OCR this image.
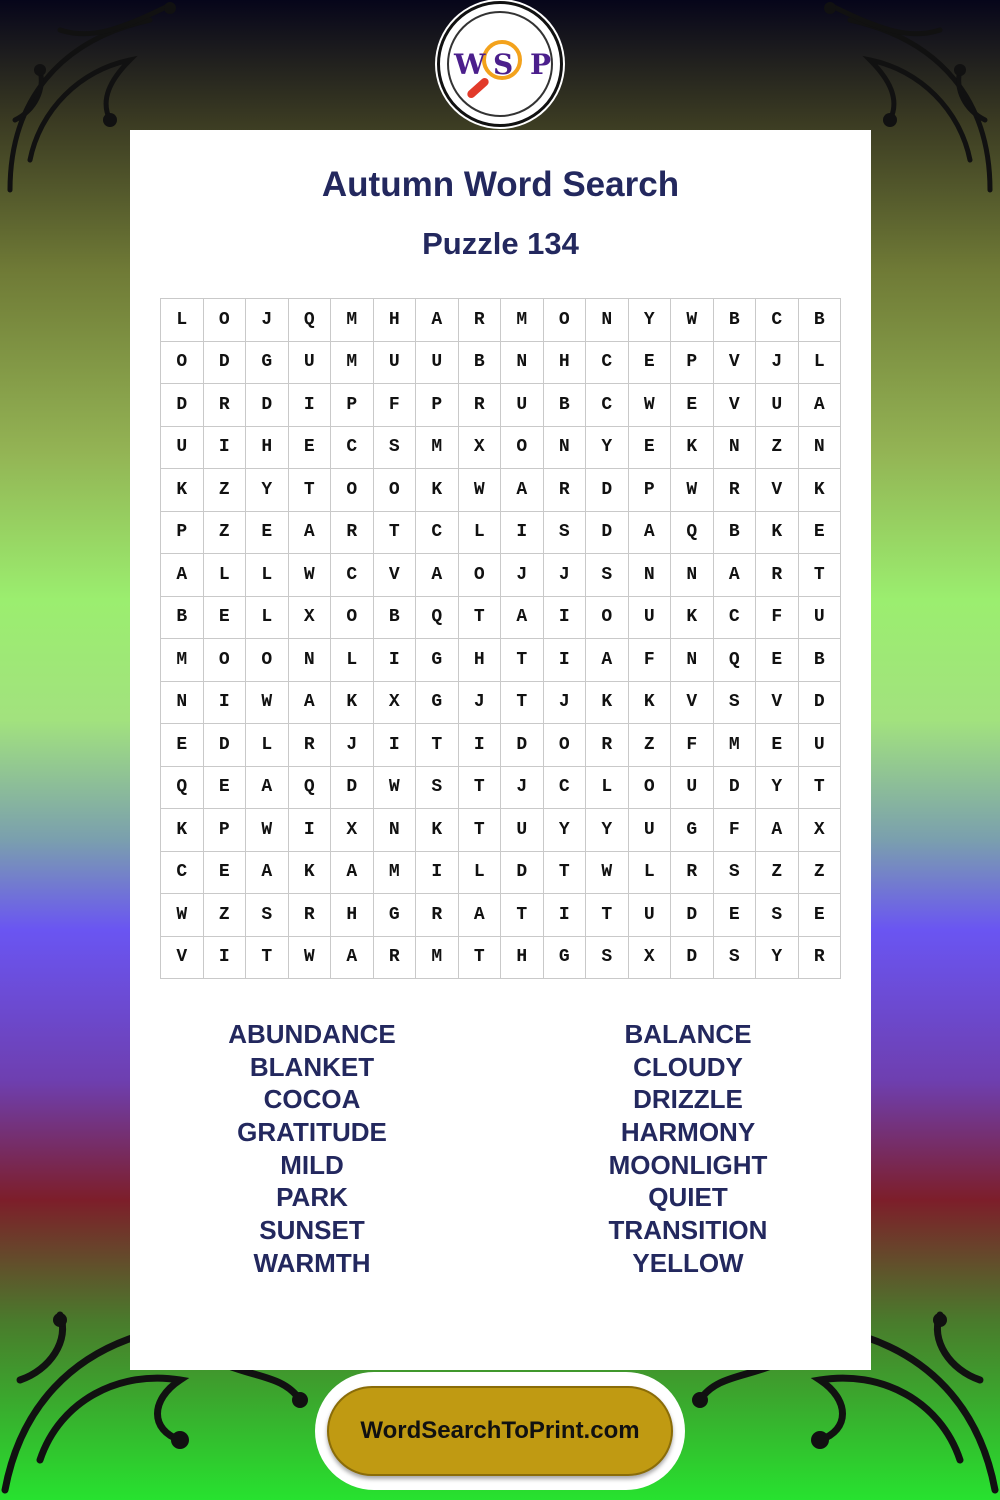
W S P
Autumn Word Search
Puzzle 134
L	O	J	Q	M	H	A	R	M	O	N	Y	W	B	C	B
O	D	G	U	M	U	U	B	N	H	C	E	P	V	J	L
D	R	D	I	P	F	P	R	U	B	C	W	E	V	U	A
U	I	H	E	C	S	M	X	O	N	Y	E	K	N	Z	N
K	Z	Y	T	O	O	K	W	A	R	D	P	W	R	V	K
P	Z	E	A	R	T	C	L	I	S	D	A	Q	B	K	E
A	L	L	W	C	V	A	O	J	J	S	N	N	A	R	T
B	E	L	X	O	B	Q	T	A	I	O	U	K	C	F	U
M	O	O	N	L	I	G	H	T	I	A	F	N	Q	E	B
N	I	W	A	K	X	G	J	T	J	K	K	V	S	V	D
E	D	L	R	J	I	T	I	D	O	R	Z	F	M	E	U
Q	E	A	Q	D	W	S	T	J	C	L	O	U	D	Y	T
K	P	W	I	X	N	K	T	U	Y	Y	U	G	F	A	X
C	E	A	K	A	M	I	L	D	T	W	L	R	S	Z	Z
W	Z	S	R	H	G	R	A	T	I	T	U	D	E	S	E
V	I	T	W	A	R	M	T	H	G	S	X	D	S	Y	R
ABUNDANCE
BLANKET
COCOA
GRATITUDE
MILD
PARK
SUNSET
WARMTH
BALANCE
CLOUDY
DRIZZLE
HARMONY
MOONLIGHT
QUIET
TRANSITION
YELLOW
WordSearchToPrint.com
